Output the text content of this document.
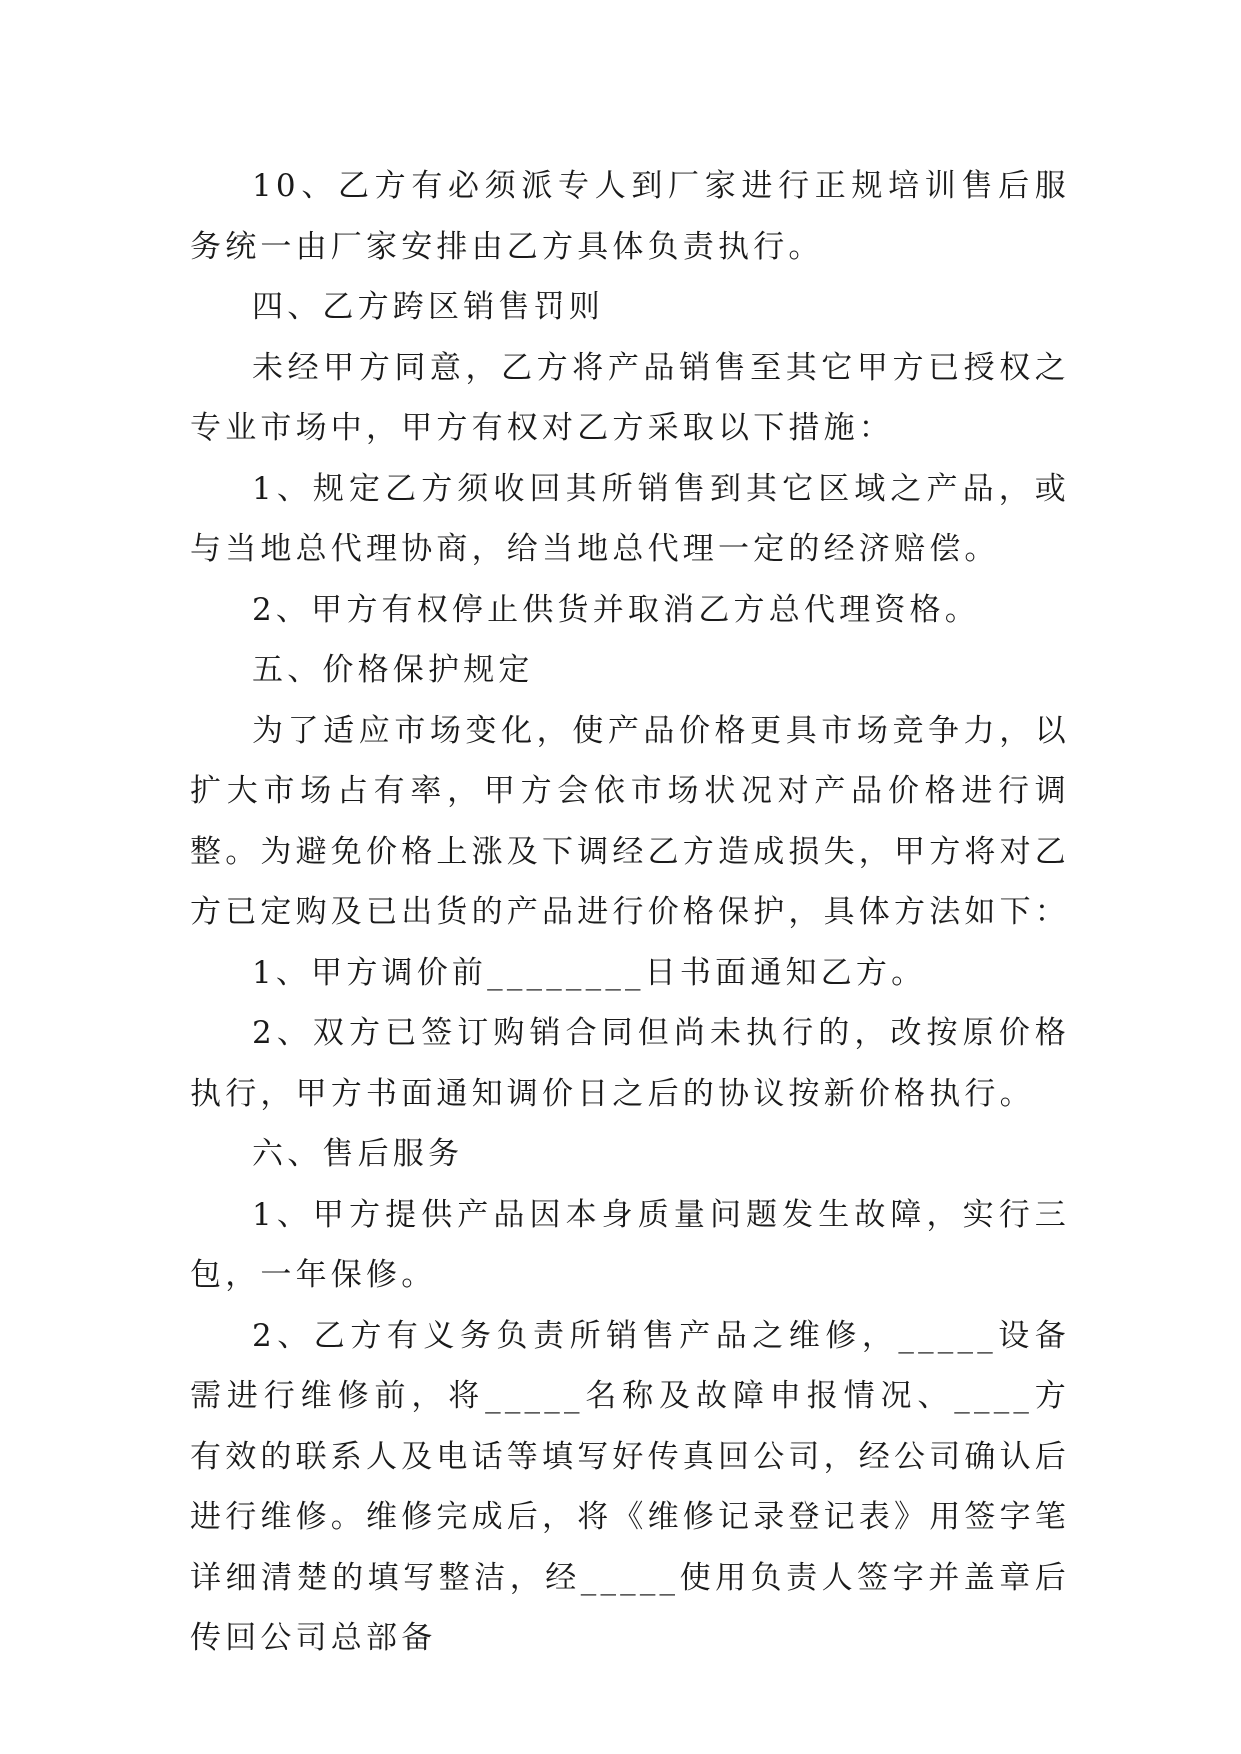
10、乙方有必须派专人到厂家进行正规培训售后服务统一由厂家安排由乙方具体负责执行。

四、乙方跨区销售罚则

未经甲方同意，乙方将产品销售至其它甲方已授权之专业市场中，甲方有权对乙方采取以下措施：

1、规定乙方须收回其所销售到其它区域之产品，或与当地总代理协商，给当地总代理一定的经济赔偿。

2、甲方有权停止供货并取消乙方总代理资格。

五、价格保护规定

为了适应市场变化，使产品价格更具市场竞争力，以扩大市场占有率，甲方会依市场状况对产品价格进行调整。为避免价格上涨及下调经乙方造成损失，甲方将对乙方已定购及已出货的产品进行价格保护，具体方法如下：

1、甲方调价前________日书面通知乙方。

2、双方已签订购销合同但尚未执行的，改按原价格执行，甲方书面通知调价日之后的协议按新价格执行。

六、售后服务

1、甲方提供产品因本身质量问题发生故障，实行三包，一年保修。

2、乙方有义务负责所销售产品之维修，_____设备需进行维修前，将_____名称及故障申报情况、____方有效的联系人及电话等填写好传真回公司，经公司确认后进行维修。维修完成后，将《维修记录登记表》用签字笔详细清楚的填写整洁，经_____使用负责人签字并盖章后传回公司总部备
